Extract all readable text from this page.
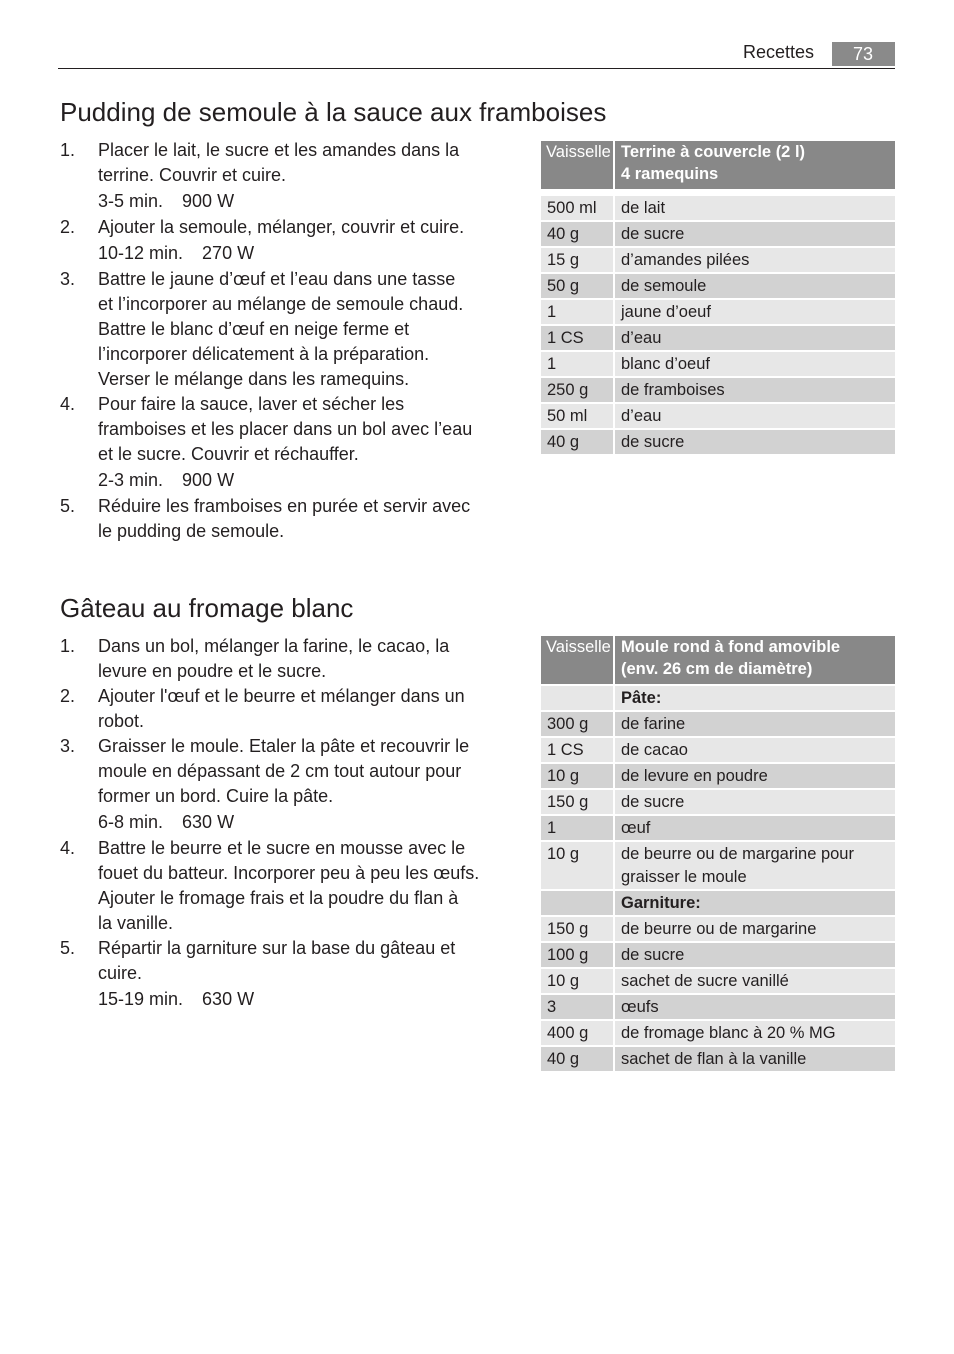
Recettes	73
Pudding de semoule à la sauce aux framboises
1.	Placer le lait, le sucre et les amandes dans la
terrine. Couvrir et cuire.
3-5 min. 900 W
2.	Ajouter la semoule, mélanger, couvrir et cuire.
10-12 min. 270 W
3.	Battre le jaune d’œuf et l’eau dans une tasse
et l’incorporer au mélange de semoule chaud.
Battre le blanc d’œuf en neige ferme et
l’incorporer délicatement à la préparation.
Verser le mélange dans les ramequins.
4.	Pour faire la sauce, laver et sécher les
framboises et les placer dans un bol avec l’eau
et le sucre. Couvrir et réchauffer.
2-3 min. 900 W
5.	Réduire les framboises en purée et servir avec
le pudding de semoule.
Vaisselle Terrine à couvercle (2 l)
4 ramequins
500 ml	de lait
40 g	de sucre
15 g	d’amandes pilées
50 g	de semoule
1	jaune d’oeuf
1 CS	d’eau
1	blanc d’oeuf
250 g	de framboises
50 ml	d’eau
40 g	de sucre
Gâteau au fromage blanc
1.	Dans un bol, mélanger la farine, le cacao, la
levure en poudre et le sucre.
2.	Ajouter l'œuf et le beurre et mélanger dans un
robot.
3.	Graisser le moule. Etaler la pâte et recouvrir le
moule en dépassant de 2 cm tout autour pour
former un bord. Cuire la pâte.
6-8 min. 630 W
4.	Battre le beurre et le sucre en mousse avec le
fouet du batteur. Incorporer peu à peu les œufs.
Ajouter le fromage frais et la poudre du flan à
la vanille.
5.	Répartir la garniture sur la base du gâteau et
cuire.
15-19 min. 630 W
Vaisselle Moule rond à fond amovible
(env. 26 cm de diamètre)
Pâte:
300 g	de farine
1 CS	de cacao
10 g	de levure en poudre
150 g	de sucre
1	œuf
10 g	de beurre ou de margarine pour graisser le moule
Garniture:
150 g	de beurre ou de margarine
100 g	de sucre
10 g	sachet de sucre vanillé
3	œufs
400 g	de fromage blanc à 20 % MG
40 g	sachet de flan à la vanille
